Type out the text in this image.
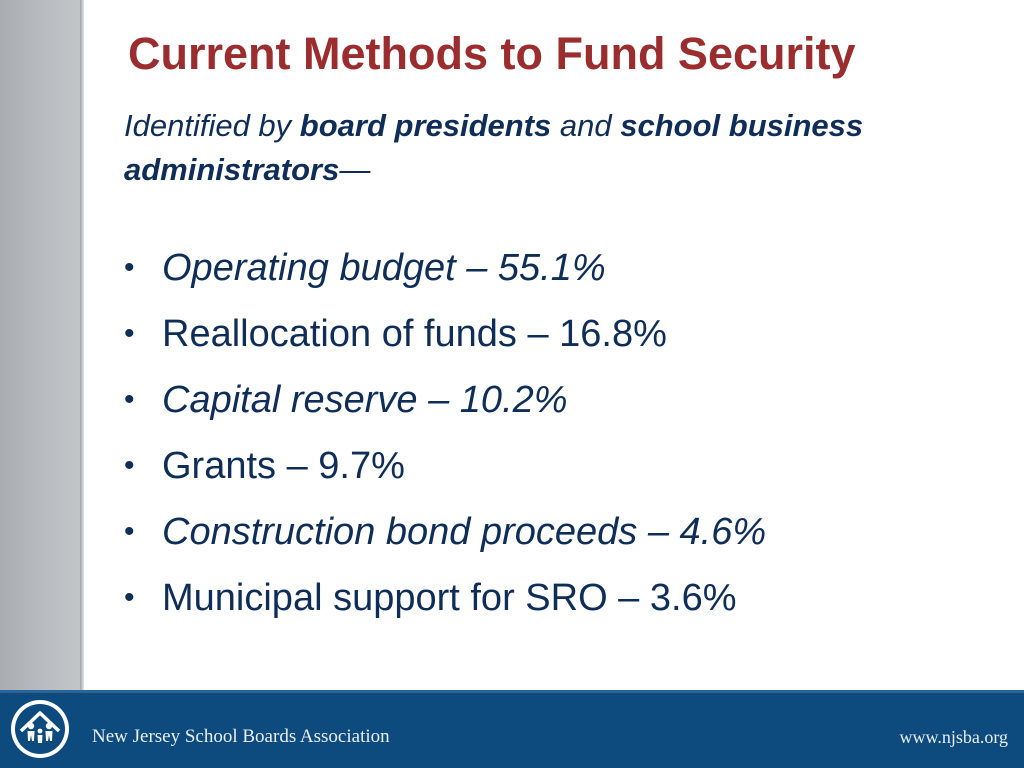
Current Methods to Fund Security

Identified by board presidents and school business administrators—

• Operating budget – 55.1%
• Reallocation of funds – 16.8%
• Capital reserve – 10.2%
• Grants – 9.7%
• Construction bond proceeds – 4.6%
• Municipal support for SRO – 3.6%
New Jersey School Boards Association	www.njsba.org
